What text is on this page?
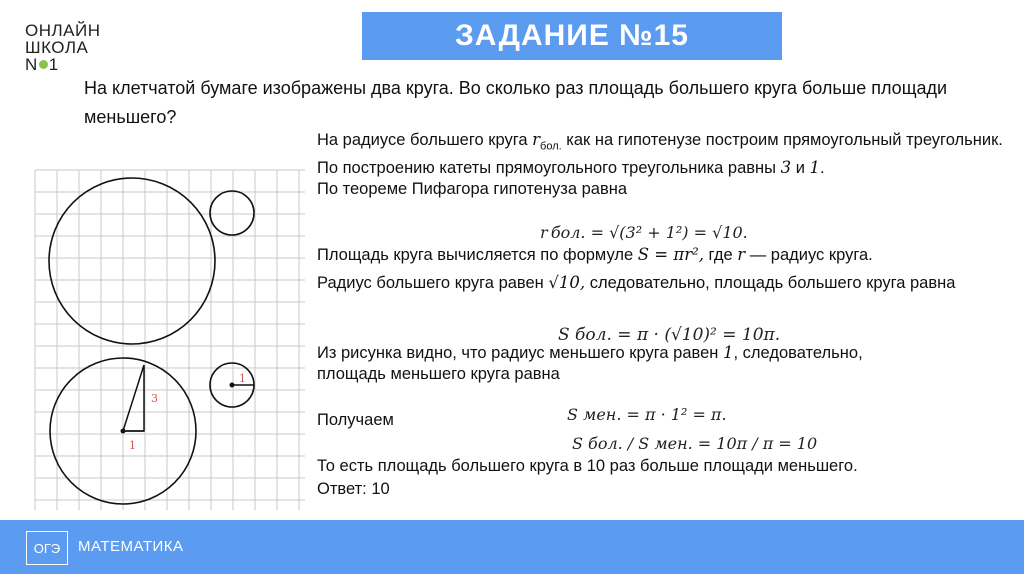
ОНЛАЙН
ШКОЛА
N 1
ЗАДАНИЕ №15
На клетчатой бумаге изображены два круга. Во сколько раз площадь большего круга больше площади меньшего?
3
1
1

На радиусе большего круга $r_{бол.}$ как на гипотенузе построим прямоугольный треугольник.

По построению катеты прямоугольного треугольника равны 3 и 1.

По теореме Пифагора гипотенуза равна

r бол. = √(3² + 1²) = √10.
Площадь круга вычисляется по формуле S = πr², где r — радиус круга.
Радиус большего круга равен √10, следовательно, площадь большего круга равна
S бол. = π · (√10)² = 10π.
Из рисунка видно, что радиус меньшего круга равен 1, следовательно,
площадь меньшего круга равна
Получаем	S мен. = π · 1² = π.
S бол. / S мен. = 10π / π = 10
То есть площадь большего круга в 10 раз больше площади меньшего.
Ответ: 10
ОГЭ	МАТЕМАТИКА
